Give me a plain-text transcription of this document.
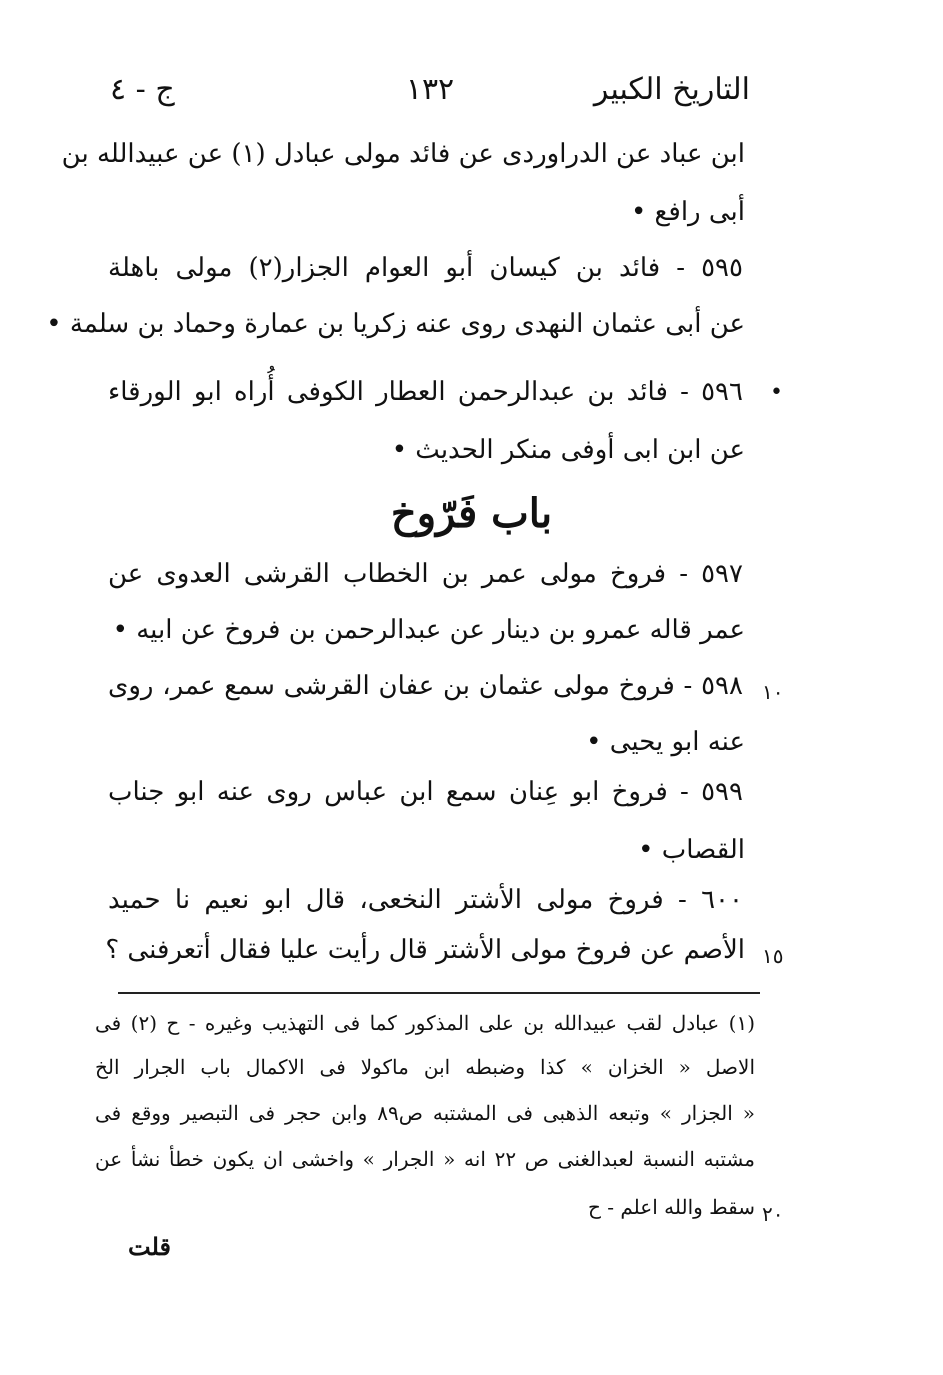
التاريخ الكبير
١٣٢
ج - ٤
ابن عباد عن الدراوردى عن فائد مولى عبادل (١) عن عبيدالله بن
أبى رافع •
٥٩٥ - فائد بن كيسان أبو العوام الجزار(٢) مولى باهلة
عن أبى عثمان النهدى روى عنه زكريا بن عمارة وحماد بن سلمة •
٥٩٦ - فائد بن عبدالرحمن العطار الكوفى أُراه ابو الورقاء
عن ابن ابى أوفى منكر الحديث •
باب فَرّوخ
٥٩٧ - فروخ مولى عمر بن الخطاب القرشى العدوى عن
عمر قاله عمرو بن دينار عن عبدالرحمن بن فروخ عن ابيه •
٥٩٨ - فروخ مولى عثمان بن عفان القرشى سمع عمر، روى
عنه ابو يحيى •
٥٩٩ - فروخ ابو عِنان سمع ابن عباس روى عنه ابو جناب
القصاب •
٦٠٠ - فروخ مولى الأشتر النخعى، قال ابو نعيم نا حميد
الأصم عن فروخ مولى الأشتر قال رأيت عليا فقال أتعرفنى ؟
•
١٠
١٥
٢٠
(١) عبادل لقب عبيدالله بن على المذكور كما فى التهذيب وغيره - ح (٢) فى
الاصل « الخزان » كذا وضبطه ابن ماكولا فى الاكمال باب الجرار الخ
« الجزار » وتبعه الذهبى فى المشتبه ص٨٩ وابن حجر فى التبصير ووقع فى
مشتبه النسبة لعبدالغنى ص ٢٢ انه « الجرار » واخشى ان يكون خطأ نشأ عن
سقط والله اعلم - ح
قلت
